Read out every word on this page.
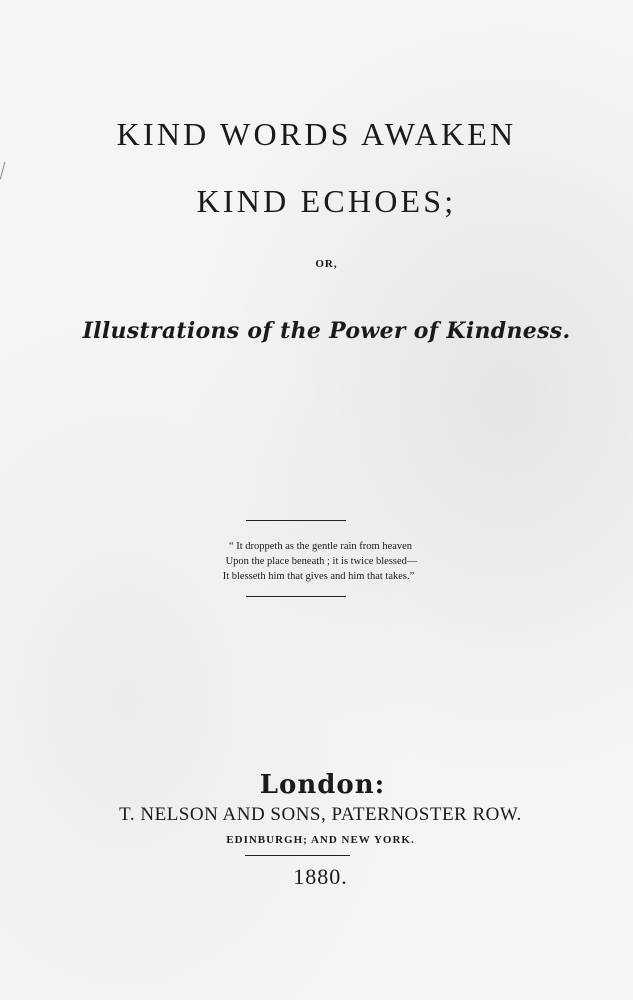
KIND WORDS AWAKEN
KIND ECHOES;
OR,
Illustrations of the Power of Kindness.
“ It droppeth as the gentle rain from heaven
Upon the place beneath ; it is twice blessed—
It blesseth him that gives and him that takes.”
London:
T. NELSON AND SONS, PATERNOSTER ROW.
EDINBURGH; AND NEW YORK.
1880.
